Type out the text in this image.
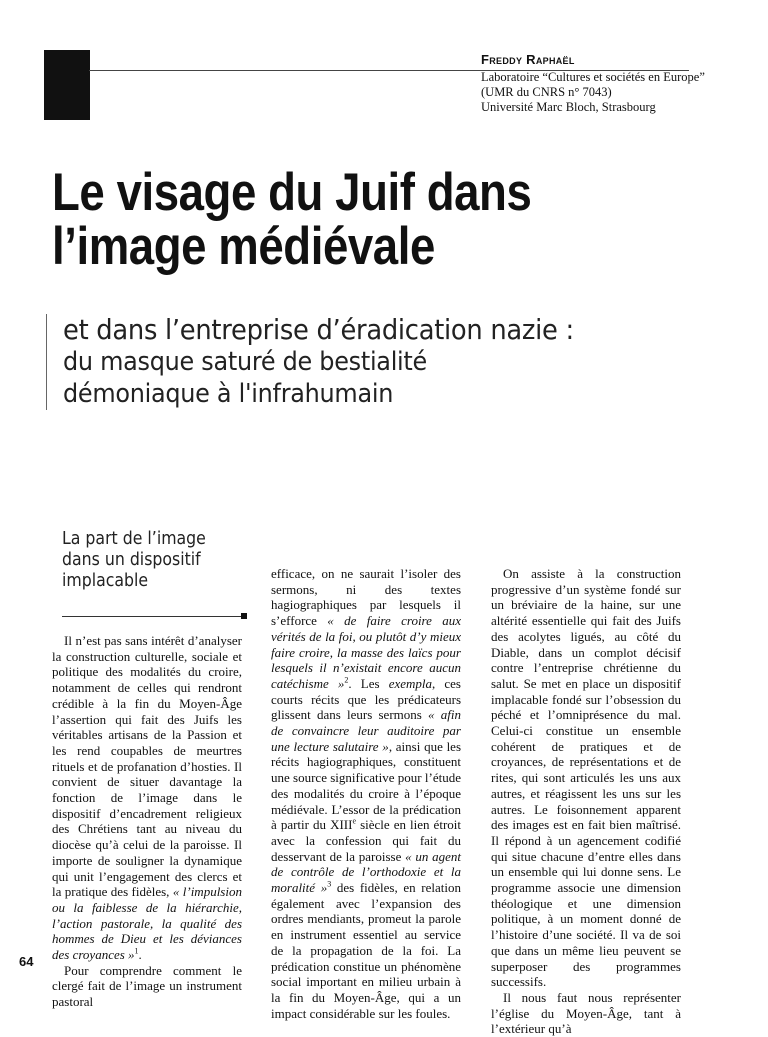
Freddy Raphaël
Laboratoire “Cultures et sociétés en Europe”
(UMR du CNRS n° 7043)
Université Marc Bloch, Strasbourg
Le visage du Juif dans
l’image médiévale
et dans l’entreprise d’éradication nazie :
du masque saturé de bestialité
démoniaque à l'infrahumain
La part de l’image
dans un dispositif
implacable

Il n’est pas sans intérêt d’analyser la construction culturelle, sociale et politique des modalités du croire, notamment de celles qui rendront crédible à la fin du Moyen-Âge l’assertion qui fait des Juifs les véritables artisans de la Passion et les rend coupables de meurtres rituels et de profanation d’hosties. Il convient de situer davantage la fonction de l’image dans le dispositif d’encadrement religieux des Chrétiens tant au niveau du diocèse qu’à celui de la paroisse. Il importe de souligner la dynamique qui unit l’engagement des clercs et la pratique des fidèles, « l’impulsion ou la faiblesse de la hiérarchie, l’action pastorale, la qualité des hommes de Dieu et les déviances des croyances »$^1$.

Pour comprendre comment le clergé fait de l’image un instrument pastoral

efficace, on ne saurait l’isoler des sermons, ni des textes hagiographiques par lesquels il s’efforce « de faire croire aux vérités de la foi, ou plutôt d’y mieux faire croire, la masse des laïcs pour lesquels il n’existait encore aucun catéchisme »$^2$. Les exempla, ces courts récits que les prédicateurs glissent dans leurs sermons « afin de convaincre leur auditoire par une lecture salutaire », ainsi que les récits hagiographiques, constituent une source significative pour l’étude des modalités du croire à l’époque médiévale. L’essor de la prédication à partir du XIIIe siècle en lien étroit avec la confession qui fait du desservant de la paroisse « un agent de contrôle de l’orthodoxie et la moralité »$^3$ des fidèles, en relation également avec l’expansion des ordres mendiants, promeut la parole en instrument essentiel au service de la propagation de la foi. La prédication constitue un phénomène social important en milieu urbain à la fin du Moyen-Âge, qui a un impact considérable sur les foules.

On assiste à la construction progressive d’un système fondé sur un bréviaire de la haine, sur une altérité essentielle qui fait des Juifs des acolytes ligués, au côté du Diable, dans un complot décisif contre l’entreprise chrétienne du salut. Se met en place un dispositif implacable fondé sur l’obsession du péché et l’omniprésence du mal. Celui-ci constitue un ensemble cohérent de pratiques et de croyances, de représentations et de rites, qui sont articulés les uns aux autres, et réagissent les uns sur les autres. Le foisonnement apparent des images est en fait bien maîtrisé. Il répond à un agencement codifié qui situe chacune d’entre elles dans un ensemble qui lui donne sens. Le programme associe une dimension théologique et une dimension politique, à un moment donné de l’histoire d’une société. Il va de soi que dans un même lieu peuvent se superposer des programmes successifs.

Il nous faut nous représenter l’église du Moyen-Âge, tant à l’extérieur qu’à

64
